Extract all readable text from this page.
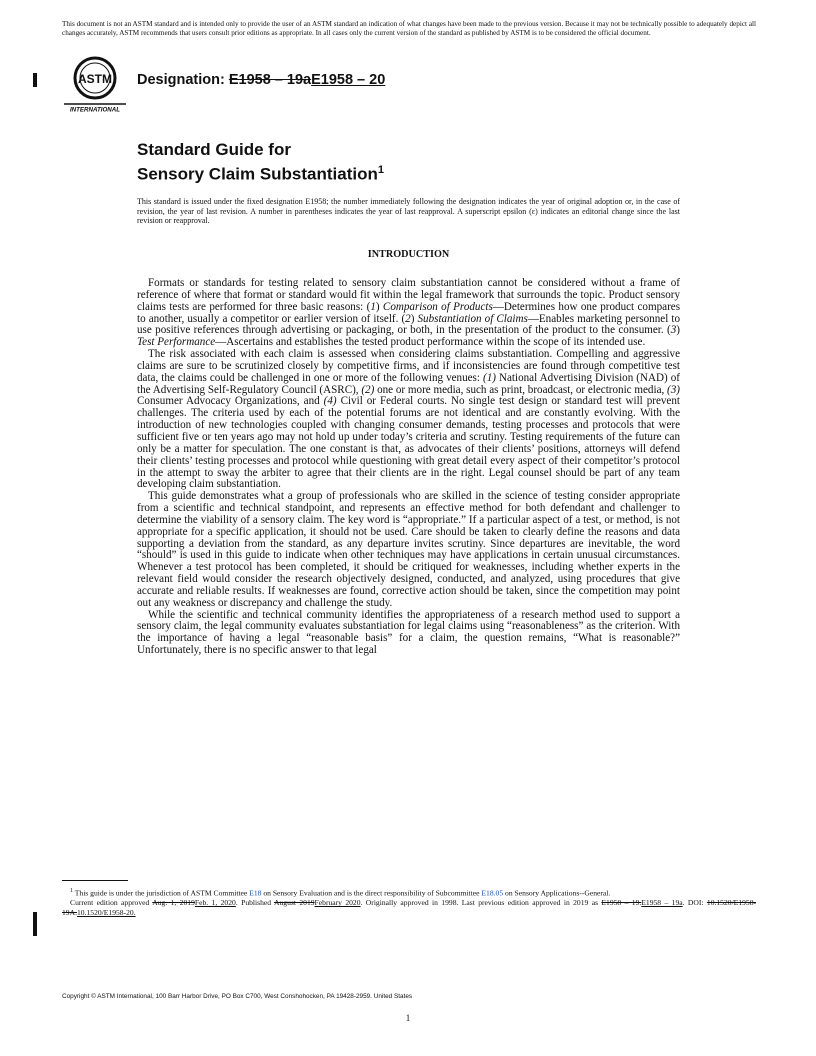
This document is not an ASTM standard and is intended only to provide the user of an ASTM standard an indication of what changes have been made to the previous version. Because it may not be technically possible to adequately depict all changes accurately, ASTM recommends that users consult prior editions as appropriate. In all cases only the current version of the standard as published by ASTM is to be considered the official document.
ASTM
INTERNATIONAL
Designation: E1958 – 19aE1958 – 20
Standard Guide for
Sensory Claim Substantiation$^1$
This standard is issued under the fixed designation E1958; the number immediately following the designation indicates the year of original adoption or, in the case of revision, the year of last revision. A number in parentheses indicates the year of last reapproval. A superscript epsilon (ε) indicates an editorial change since the last revision or reapproval.
INTRODUCTION

Formats or standards for testing related to sensory claim substantiation cannot be considered without a frame of reference of where that format or standard would fit within the legal framework that surrounds the topic. Product sensory claims tests are performed for three basic reasons: (1) Comparison of Products—Determines how one product compares to another, usually a competitor or earlier version of itself. (2) Substantiation of Claims—Enables marketing personnel to use positive references through advertising or packaging, or both, in the presentation of the product to the consumer. (3) Test Performance—Ascertains and establishes the tested product performance within the scope of its intended use.

The risk associated with each claim is assessed when considering claims substantiation. Compelling and aggressive claims are sure to be scrutinized closely by competitive firms, and if inconsistencies are found through competitive test data, the claims could be challenged in one or more of the following venues: (1) National Advertising Division (NAD) of the Advertising Self-Regulatory Council (ASRC), (2) one or more media, such as print, broadcast, or electronic media, (3) Consumer Advocacy Organizations, and (4) Civil or Federal courts. No single test design or standard test will prevent challenges. The criteria used by each of the potential forums are not identical and are constantly evolving. With the introduction of new technologies coupled with changing consumer demands, testing processes and protocols that were sufficient five or ten years ago may not hold up under today’s criteria and scrutiny. Testing requirements of the future can only be a matter for speculation. The one constant is that, as advocates of their clients’ positions, attorneys will defend their clients’ testing processes and protocol while questioning with great detail every aspect of their competitor’s protocol in the attempt to sway the arbiter to agree that their clients are in the right. Legal counsel should be part of any team developing claim substantiation.

This guide demonstrates what a group of professionals who are skilled in the science of testing consider appropriate from a scientific and technical standpoint, and represents an effective method for both defendant and challenger to determine the viability of a sensory claim. The key word is “appropriate.” If a particular aspect of a test, or method, is not appropriate for a specific application, it should not be used. Care should be taken to clearly define the reasons and data supporting a deviation from the standard, as any departure invites scrutiny. Since departures are inevitable, the word “should” is used in this guide to indicate when other techniques may have applications in certain unusual circumstances. Whenever a test protocol has been completed, it should be critiqued for weaknesses, including whether experts in the relevant field would consider the research objectively designed, conducted, and analyzed, using procedures that give accurate and reliable results. If weaknesses are found, corrective action should be taken, since the competition may point out any weakness or discrepancy and challenge the study.

While the scientific and technical community identifies the appropriateness of a research method used to support a sensory claim, the legal community evaluates substantiation for legal claims using “reasonableness” as the criterion. With the importance of having a legal “reasonable basis” for a claim, the question remains, “What is reasonable?” Unfortunately, there is no specific answer to that legal

$^1$ This guide is under the jurisdiction of ASTM Committee E18 on Sensory Evaluation and is the direct responsibility of Subcommittee E18.05 on Sensory Applications--General.

Current edition approved Aug. 1, 2019Feb. 1, 2020. Published August 2019February 2020. Originally approved in 1998. Last previous edition approved in 2019 as E1958 – 19.E1958 – 19a. DOI: 10.1520/E1958-19A.10.1520/E1958-20.

Copyright © ASTM International, 100 Barr Harbor Drive, PO Box C700, West Conshohocken, PA 19428-2959. United States
1
